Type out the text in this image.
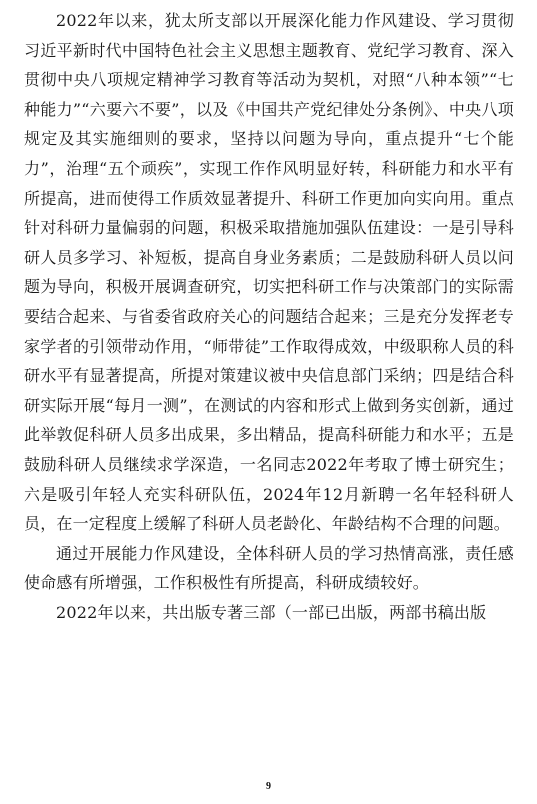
2022年以来，犹太所支部以开展深化能力作风建设、学习贯彻习近平新时代中国特色社会主义思想主题教育、党纪学习教育、深入贯彻中央八项规定精神学习教育等活动为契机，对照“八种本领”“七种能力”“六要六不要”，以及《中国共产党纪律处分条例》、中央八项规定及其实施细则的要求，坚持以问题为导向，重点提升“七个能力”，治理“五个顽疾”，实现工作作风明显好转，科研能力和水平有所提高，进而使得工作质效显著提升、科研工作更加向实向用。重点针对科研力量偏弱的问题，积极采取措施加强队伍建设：一是引导科研人员多学习、补短板，提高自身业务素质；二是鼓励科研人员以问题为导向，积极开展调查研究，切实把科研工作与决策部门的实际需要结合起来、与省委省政府关心的问题结合起来；三是充分发挥老专家学者的引领带动作用，“师带徒”工作取得成效，中级职称人员的科研水平有显著提高，所提对策建议被中央信息部门采纳；四是结合科研实际开展“每月一测”，在测试的内容和形式上做到务实创新，通过此举敦促科研人员多出成果，多出精品，提高科研能力和水平；五是鼓励科研人员继续求学深造，一名同志2022年考取了博士研究生；六是吸引年轻人充实科研队伍，2024年12月新聘一名年轻科研人员，在一定程度上缓解了科研人员老龄化、年龄结构不合理的问题。

通过开展能力作风建设，全体科研人员的学习热情高涨，责任感使命感有所增强，工作积极性有所提高，科研成绩较好。

2022年以来，共出版专著三部（一部已出版，两部书稿出版

9
